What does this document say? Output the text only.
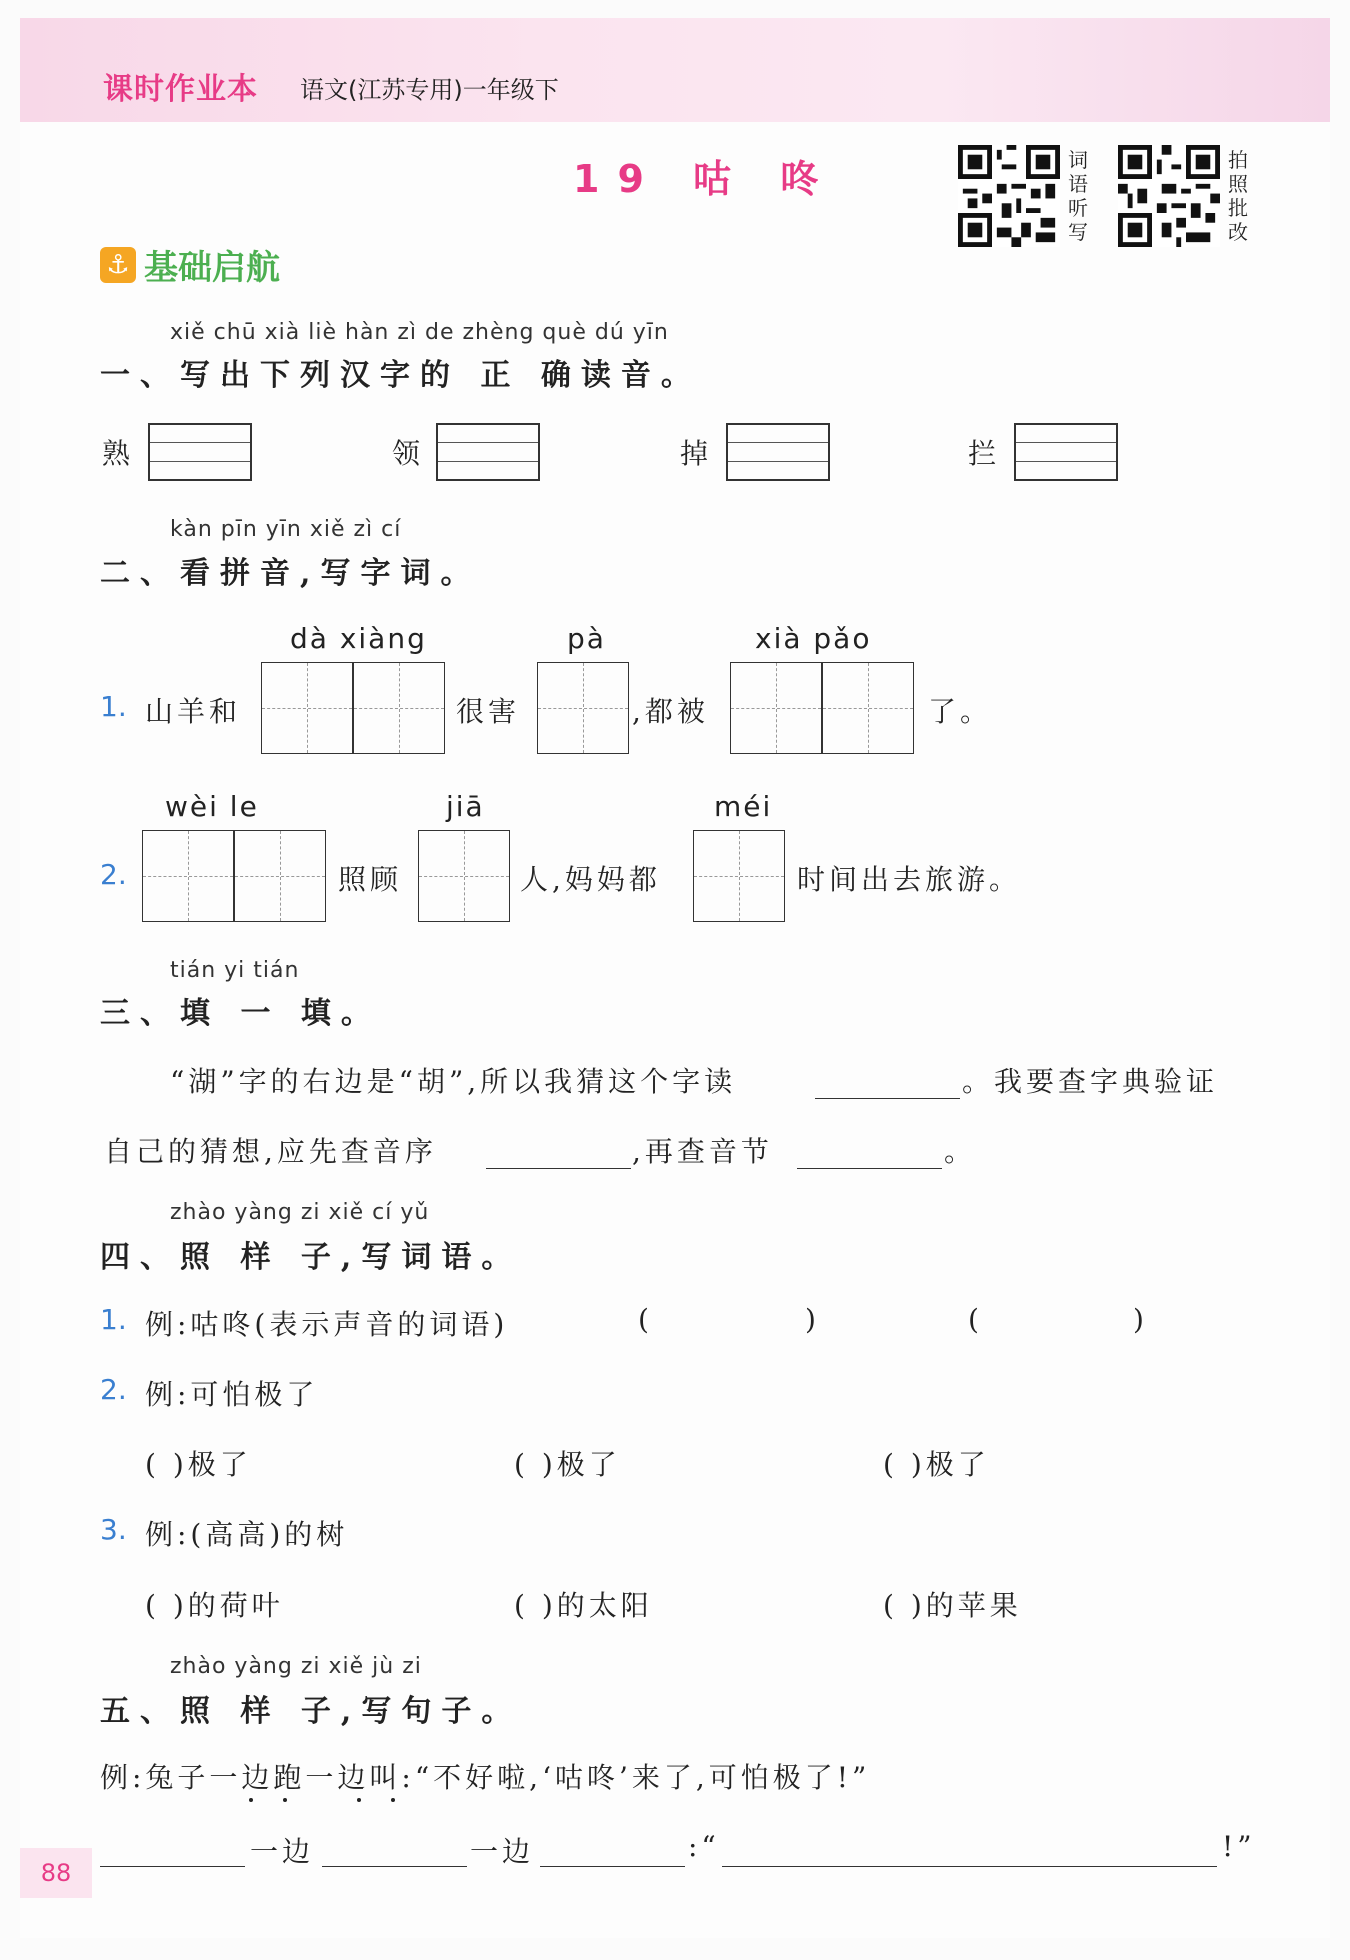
课时作业本 语文(江苏专用)一年级下
19 咕 咚	词
语
听
写
拍
照
批
改
⚓ 基础启航
xiě chū xià liè hàn zì de zhèng què dú yīn
一、写出下列汉字的 正 确读音。
熟	领	掉	拦
kàn pīn yīn xiě zì cí
二、看拼音,写字词。
dà xiàng	pà	xià pǎo
1. 山羊和	很害	,都被	了。
wèi le	jiā	méi
2.	照顾	人,妈妈都	时间出去旅游。
tián yi tián
三、填 一 填。
“湖”字的右边是“胡”,所以我猜这个字读	。我要查字典验证
自己的猜想,应先查音序	,再查音节	。
zhào yàng zi xiě cí yǔ
四、照 样 子,写词语。
1. 例:咕咚(表示声音的词语)	(	)	(	)
2. 例:可怕极了
( )极了	( )极了	( )极了
3. 例:(高高)的树
( )的荷叶	( )的太阳	( )的苹果
zhào yàng zi xiě jù zi
五、照 样 子,写句子。
例:兔子一边跑一边叫:“不好啦,‘咕咚’来了,可怕极了!”
一边	一边	:“	!”
88
